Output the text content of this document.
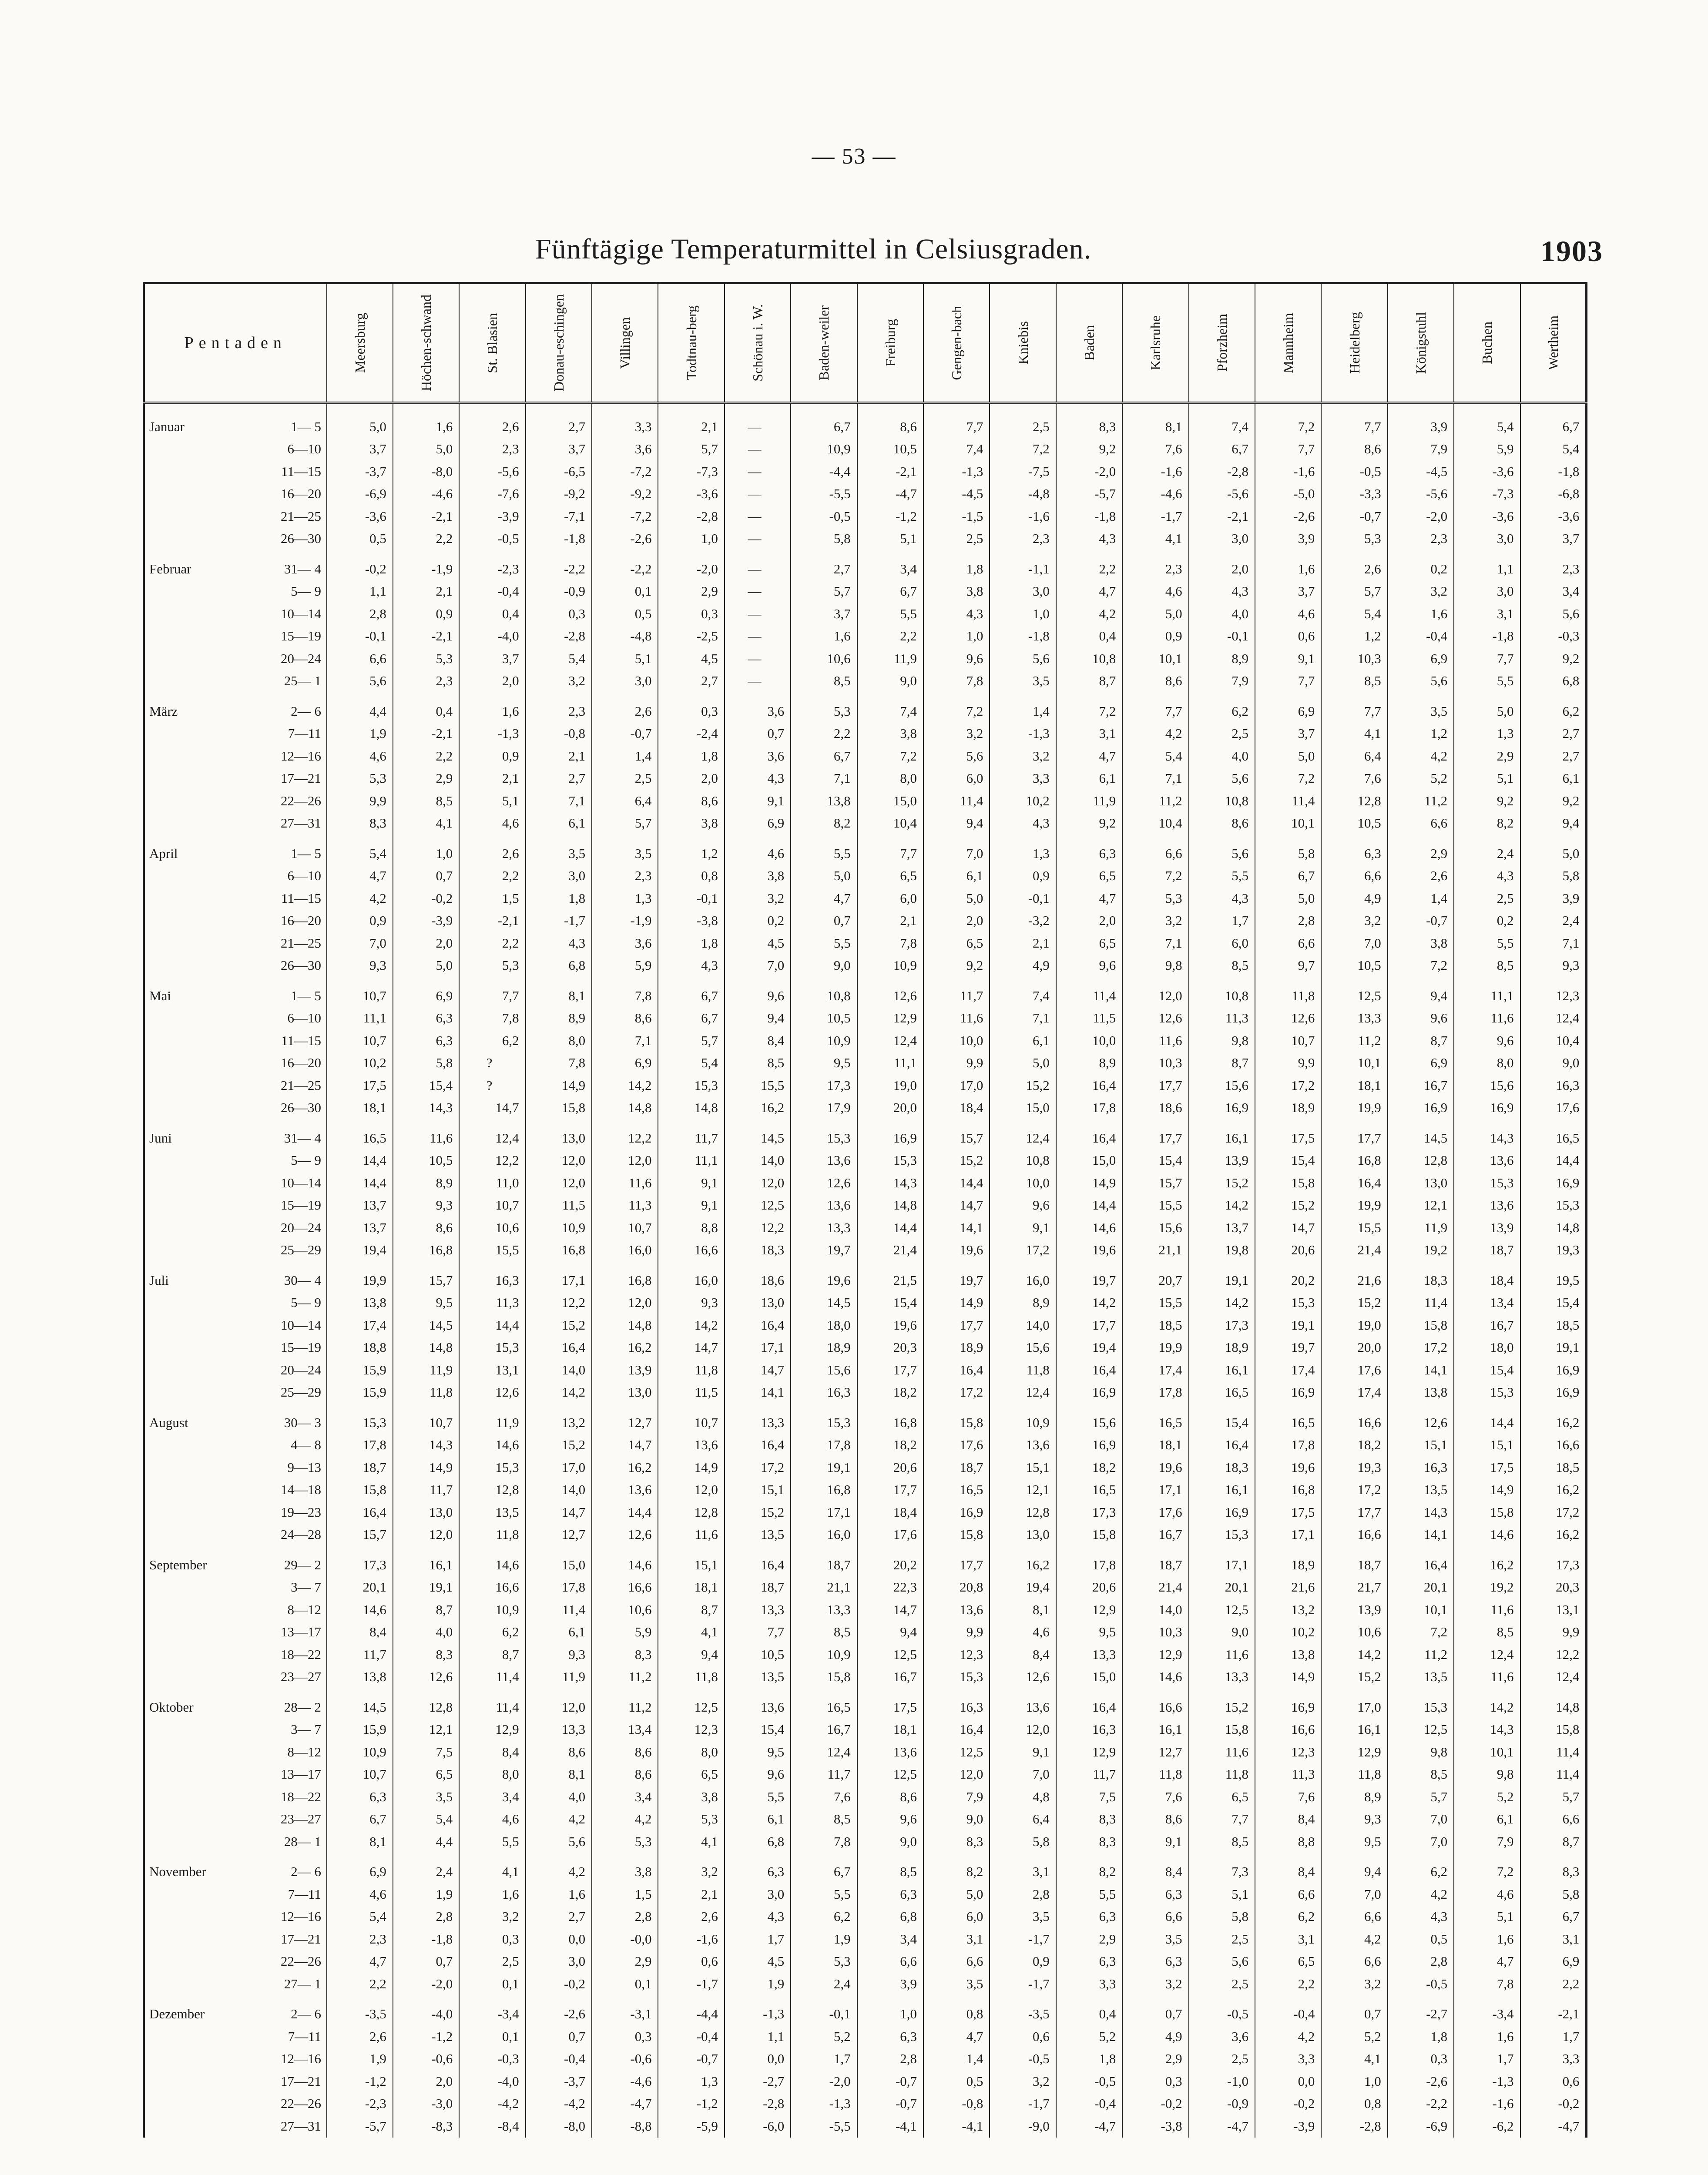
— 53 —
Fünftägige Temperaturmittel in Celsiusgraden.	1903
Pentaden	Meersburg	Höchen-schwand	St. Blasien	Donau-eschingen	Villingen	Todtnau-berg	Schönau i. W.	Baden-weiler	Freiburg	Gengen-bach	Kniebis	Baden	Karlsruhe	Pforzheim	Mannheim	Heidelberg	Königstuhl	Buchen	Wertheim

Januar 1— 5	5,0	1,6	2,6	2,7	3,3	2,1	—	6,7	8,6	7,7	2,5	8,3	8,1	7,4	7,2	7,7	3,9	5,4	6,7
6—10	3,7	5,0	2,3	3,7	3,6	5,7	—	10,9	10,5	7,4	7,2	9,2	7,6	6,7	7,7	8,6	7,9	5,9	5,4
11—15	-3,7	-8,0	-5,6	-6,5	-7,2	-7,3	—	-4,4	-2,1	-1,3	-7,5	-2,0	-1,6	-2,8	-1,6	-0,5	-4,5	-3,6	-1,8
16—20	-6,9	-4,6	-7,6	-9,2	-9,2	-3,6	—	-5,5	-4,7	-4,5	-4,8	-5,7	-4,6	-5,6	-5,0	-3,3	-5,6	-7,3	-6,8
21—25	-3,6	-2,1	-3,9	-7,1	-7,2	-2,8	—	-0,5	-1,2	-1,5	-1,6	-1,8	-1,7	-2,1	-2,6	-0,7	-2,0	-3,6	-3,6
26—30	0,5	2,2	-0,5	-1,8	-2,6	1,0	—	5,8	5,1	2,5	2,3	4,3	4,1	3,0	3,9	5,3	2,3	3,0	3,7

Februar 31— 4	-0,2	-1,9	-2,3	-2,2	-2,2	-2,0	—	2,7	3,4	1,8	-1,1	2,2	2,3	2,0	1,6	2,6	0,2	1,1	2,3
5— 9	1,1	2,1	-0,4	-0,9	0,1	2,9	—	5,7	6,7	3,8	3,0	4,7	4,6	4,3	3,7	5,7	3,2	3,0	3,4
10—14	2,8	0,9	0,4	0,3	0,5	0,3	—	3,7	5,5	4,3	1,0	4,2	5,0	4,0	4,6	5,4	1,6	3,1	5,6
15—19	-0,1	-2,1	-4,0	-2,8	-4,8	-2,5	—	1,6	2,2	1,0	-1,8	0,4	0,9	-0,1	0,6	1,2	-0,4	-1,8	-0,3
20—24	6,6	5,3	3,7	5,4	5,1	4,5	—	10,6	11,9	9,6	5,6	10,8	10,1	8,9	9,1	10,3	6,9	7,7	9,2
25— 1	5,6	2,3	2,0	3,2	3,0	2,7	—	8,5	9,0	7,8	3,5	8,7	8,6	7,9	7,7	8,5	5,6	5,5	6,8

März 2— 6	4,4	0,4	1,6	2,3	2,6	0,3	3,6	5,3	7,4	7,2	1,4	7,2	7,7	6,2	6,9	7,7	3,5	5,0	6,2
7—11	1,9	-2,1	-1,3	-0,8	-0,7	-2,4	0,7	2,2	3,8	3,2	-1,3	3,1	4,2	2,5	3,7	4,1	1,2	1,3	2,7
12—16	4,6	2,2	0,9	2,1	1,4	1,8	3,6	6,7	7,2	5,6	3,2	4,7	5,4	4,0	5,0	6,4	4,2	2,9	2,7
17—21	5,3	2,9	2,1	2,7	2,5	2,0	4,3	7,1	8,0	6,0	3,3	6,1	7,1	5,6	7,2	7,6	5,2	5,1	6,1
22—26	9,9	8,5	5,1	7,1	6,4	8,6	9,1	13,8	15,0	11,4	10,2	11,9	11,2	10,8	11,4	12,8	11,2	9,2	9,2
27—31	8,3	4,1	4,6	6,1	5,7	3,8	6,9	8,2	10,4	9,4	4,3	9,2	10,4	8,6	10,1	10,5	6,6	8,2	9,4

April 1— 5	5,4	1,0	2,6	3,5	3,5	1,2	4,6	5,5	7,7	7,0	1,3	6,3	6,6	5,6	5,8	6,3	2,9	2,4	5,0
6—10	4,7	0,7	2,2	3,0	2,3	0,8	3,8	5,0	6,5	6,1	0,9	6,5	7,2	5,5	6,7	6,6	2,6	4,3	5,8
11—15	4,2	-0,2	1,5	1,8	1,3	-0,1	3,2	4,7	6,0	5,0	-0,1	4,7	5,3	4,3	5,0	4,9	1,4	2,5	3,9
16—20	0,9	-3,9	-2,1	-1,7	-1,9	-3,8	0,2	0,7	2,1	2,0	-3,2	2,0	3,2	1,7	2,8	3,2	-0,7	0,2	2,4
21—25	7,0	2,0	2,2	4,3	3,6	1,8	4,5	5,5	7,8	6,5	2,1	6,5	7,1	6,0	6,6	7,0	3,8	5,5	7,1
26—30	9,3	5,0	5,3	6,8	5,9	4,3	7,0	9,0	10,9	9,2	4,9	9,6	9,8	8,5	9,7	10,5	7,2	8,5	9,3

Mai 1— 5	10,7	6,9	7,7	8,1	7,8	6,7	9,6	10,8	12,6	11,7	7,4	11,4	12,0	10,8	11,8	12,5	9,4	11,1	12,3
6—10	11,1	6,3	7,8	8,9	8,6	6,7	9,4	10,5	12,9	11,6	7,1	11,5	12,6	11,3	12,6	13,3	9,6	11,6	12,4
11—15	10,7	6,3	6,2	8,0	7,1	5,7	8,4	10,9	12,4	10,0	6,1	10,0	11,6	9,8	10,7	11,2	8,7	9,6	10,4
16—20	10,2	5,8	?	7,8	6,9	5,4	8,5	9,5	11,1	9,9	5,0	8,9	10,3	8,7	9,9	10,1	6,9	8,0	9,0
21—25	17,5	15,4	?	14,9	14,2	15,3	15,5	17,3	19,0	17,0	15,2	16,4	17,7	15,6	17,2	18,1	16,7	15,6	16,3
26—30	18,1	14,3	14,7	15,8	14,8	14,8	16,2	17,9	20,0	18,4	15,0	17,8	18,6	16,9	18,9	19,9	16,9	16,9	17,6

Juni 31— 4	16,5	11,6	12,4	13,0	12,2	11,7	14,5	15,3	16,9	15,7	12,4	16,4	17,7	16,1	17,5	17,7	14,5	14,3	16,5
5— 9	14,4	10,5	12,2	12,0	12,0	11,1	14,0	13,6	15,3	15,2	10,8	15,0	15,4	13,9	15,4	16,8	12,8	13,6	14,4
10—14	14,4	8,9	11,0	12,0	11,6	9,1	12,0	12,6	14,3	14,4	10,0	14,9	15,7	15,2	15,8	16,4	13,0	15,3	16,9
15—19	13,7	9,3	10,7	11,5	11,3	9,1	12,5	13,6	14,8	14,7	9,6	14,4	15,5	14,2	15,2	19,9	12,1	13,6	15,3
20—24	13,7	8,6	10,6	10,9	10,7	8,8	12,2	13,3	14,4	14,1	9,1	14,6	15,6	13,7	14,7	15,5	11,9	13,9	14,8
25—29	19,4	16,8	15,5	16,8	16,0	16,6	18,3	19,7	21,4	19,6	17,2	19,6	21,1	19,8	20,6	21,4	19,2	18,7	19,3

Juli 30— 4	19,9	15,7	16,3	17,1	16,8	16,0	18,6	19,6	21,5	19,7	16,0	19,7	20,7	19,1	20,2	21,6	18,3	18,4	19,5
5— 9	13,8	9,5	11,3	12,2	12,0	9,3	13,0	14,5	15,4	14,9	8,9	14,2	15,5	14,2	15,3	15,2	11,4	13,4	15,4
10—14	17,4	14,5	14,4	15,2	14,8	14,2	16,4	18,0	19,6	17,7	14,0	17,7	18,5	17,3	19,1	19,0	15,8	16,7	18,5
15—19	18,8	14,8	15,3	16,4	16,2	14,7	17,1	18,9	20,3	18,9	15,6	19,4	19,9	18,9	19,7	20,0	17,2	18,0	19,1
20—24	15,9	11,9	13,1	14,0	13,9	11,8	14,7	15,6	17,7	16,4	11,8	16,4	17,4	16,1	17,4	17,6	14,1	15,4	16,9
25—29	15,9	11,8	12,6	14,2	13,0	11,5	14,1	16,3	18,2	17,2	12,4	16,9	17,8	16,5	16,9	17,4	13,8	15,3	16,9

August 30— 3	15,3	10,7	11,9	13,2	12,7	10,7	13,3	15,3	16,8	15,8	10,9	15,6	16,5	15,4	16,5	16,6	12,6	14,4	16,2
4— 8	17,8	14,3	14,6	15,2	14,7	13,6	16,4	17,8	18,2	17,6	13,6	16,9	18,1	16,4	17,8	18,2	15,1	15,1	16,6
9—13	18,7	14,9	15,3	17,0	16,2	14,9	17,2	19,1	20,6	18,7	15,1	18,2	19,6	18,3	19,6	19,3	16,3	17,5	18,5
14—18	15,8	11,7	12,8	14,0	13,6	12,0	15,1	16,8	17,7	16,5	12,1	16,5	17,1	16,1	16,8	17,2	13,5	14,9	16,2
19—23	16,4	13,0	13,5	14,7	14,4	12,8	15,2	17,1	18,4	16,9	12,8	17,3	17,6	16,9	17,5	17,7	14,3	15,8	17,2
24—28	15,7	12,0	11,8	12,7	12,6	11,6	13,5	16,0	17,6	15,8	13,0	15,8	16,7	15,3	17,1	16,6	14,1	14,6	16,2

September 29— 2	17,3	16,1	14,6	15,0	14,6	15,1	16,4	18,7	20,2	17,7	16,2	17,8	18,7	17,1	18,9	18,7	16,4	16,2	17,3
3— 7	20,1	19,1	16,6	17,8	16,6	18,1	18,7	21,1	22,3	20,8	19,4	20,6	21,4	20,1	21,6	21,7	20,1	19,2	20,3
8—12	14,6	8,7	10,9	11,4	10,6	8,7	13,3	13,3	14,7	13,6	8,1	12,9	14,0	12,5	13,2	13,9	10,1	11,6	13,1
13—17	8,4	4,0	6,2	6,1	5,9	4,1	7,7	8,5	9,4	9,9	4,6	9,5	10,3	9,0	10,2	10,6	7,2	8,5	9,9
18—22	11,7	8,3	8,7	9,3	8,3	9,4	10,5	10,9	12,5	12,3	8,4	13,3	12,9	11,6	13,8	14,2	11,2	12,4	12,2
23—27	13,8	12,6	11,4	11,9	11,2	11,8	13,5	15,8	16,7	15,3	12,6	15,0	14,6	13,3	14,9	15,2	13,5	11,6	12,4

Oktober 28— 2	14,5	12,8	11,4	12,0	11,2	12,5	13,6	16,5	17,5	16,3	13,6	16,4	16,6	15,2	16,9	17,0	15,3	14,2	14,8
3— 7	15,9	12,1	12,9	13,3	13,4	12,3	15,4	16,7	18,1	16,4	12,0	16,3	16,1	15,8	16,6	16,1	12,5	14,3	15,8
8—12	10,9	7,5	8,4	8,6	8,6	8,0	9,5	12,4	13,6	12,5	9,1	12,9	12,7	11,6	12,3	12,9	9,8	10,1	11,4
13—17	10,7	6,5	8,0	8,1	8,6	6,5	9,6	11,7	12,5	12,0	7,0	11,7	11,8	11,8	11,3	11,8	8,5	9,8	11,4
18—22	6,3	3,5	3,4	4,0	3,4	3,8	5,5	7,6	8,6	7,9	4,8	7,5	7,6	6,5	7,6	8,9	5,7	5,2	5,7
23—27	6,7	5,4	4,6	4,2	4,2	5,3	6,1	8,5	9,6	9,0	6,4	8,3	8,6	7,7	8,4	9,3	7,0	6,1	6,6
28— 1	8,1	4,4	5,5	5,6	5,3	4,1	6,8	7,8	9,0	8,3	5,8	8,3	9,1	8,5	8,8	9,5	7,0	7,9	8,7

November 2— 6	6,9	2,4	4,1	4,2	3,8	3,2	6,3	6,7	8,5	8,2	3,1	8,2	8,4	7,3	8,4	9,4	6,2	7,2	8,3
7—11	4,6	1,9	1,6	1,6	1,5	2,1	3,0	5,5	6,3	5,0	2,8	5,5	6,3	5,1	6,6	7,0	4,2	4,6	5,8
12—16	5,4	2,8	3,2	2,7	2,8	2,6	4,3	6,2	6,8	6,0	3,5	6,3	6,6	5,8	6,2	6,6	4,3	5,1	6,7
17—21	2,3	-1,8	0,3	0,0	-0,0	-1,6	1,7	1,9	3,4	3,1	-1,7	2,9	3,5	2,5	3,1	4,2	0,5	1,6	3,1
22—26	4,7	0,7	2,5	3,0	2,9	0,6	4,5	5,3	6,6	6,6	0,9	6,3	6,3	5,6	6,5	6,6	2,8	4,7	6,9
27— 1	2,2	-2,0	0,1	-0,2	0,1	-1,7	1,9	2,4	3,9	3,5	-1,7	3,3	3,2	2,5	2,2	3,2	-0,5	7,8	2,2

Dezember 2— 6	-3,5	-4,0	-3,4	-2,6	-3,1	-4,4	-1,3	-0,1	1,0	0,8	-3,5	0,4	0,7	-0,5	-0,4	0,7	-2,7	-3,4	-2,1
7—11	2,6	-1,2	0,1	0,7	0,3	-0,4	1,1	5,2	6,3	4,7	0,6	5,2	4,9	3,6	4,2	5,2	1,8	1,6	1,7
12—16	1,9	-0,6	-0,3	-0,4	-0,6	-0,7	0,0	1,7	2,8	1,4	-0,5	1,8	2,9	2,5	3,3	4,1	0,3	1,7	3,3
17—21	-1,2	2,0	-4,0	-3,7	-4,6	1,3	-2,7	-2,0	-0,7	0,5	3,2	-0,5	0,3	-1,0	0,0	1,0	-2,6	-1,3	0,6
22—26	-2,3	-3,0	-4,2	-4,2	-4,7	-1,2	-2,8	-1,3	-0,7	-0,8	-1,7	-0,4	-0,2	-0,9	-0,2	0,8	-2,2	-1,6	-0,2
27—31	-5,7	-8,3	-8,4	-8,0	-8,8	-5,9	-6,0	-5,5	-4,1	-4,1	-9,0	-4,7	-3,8	-4,7	-3,9	-2,8	-6,9	-6,2	-4,7
